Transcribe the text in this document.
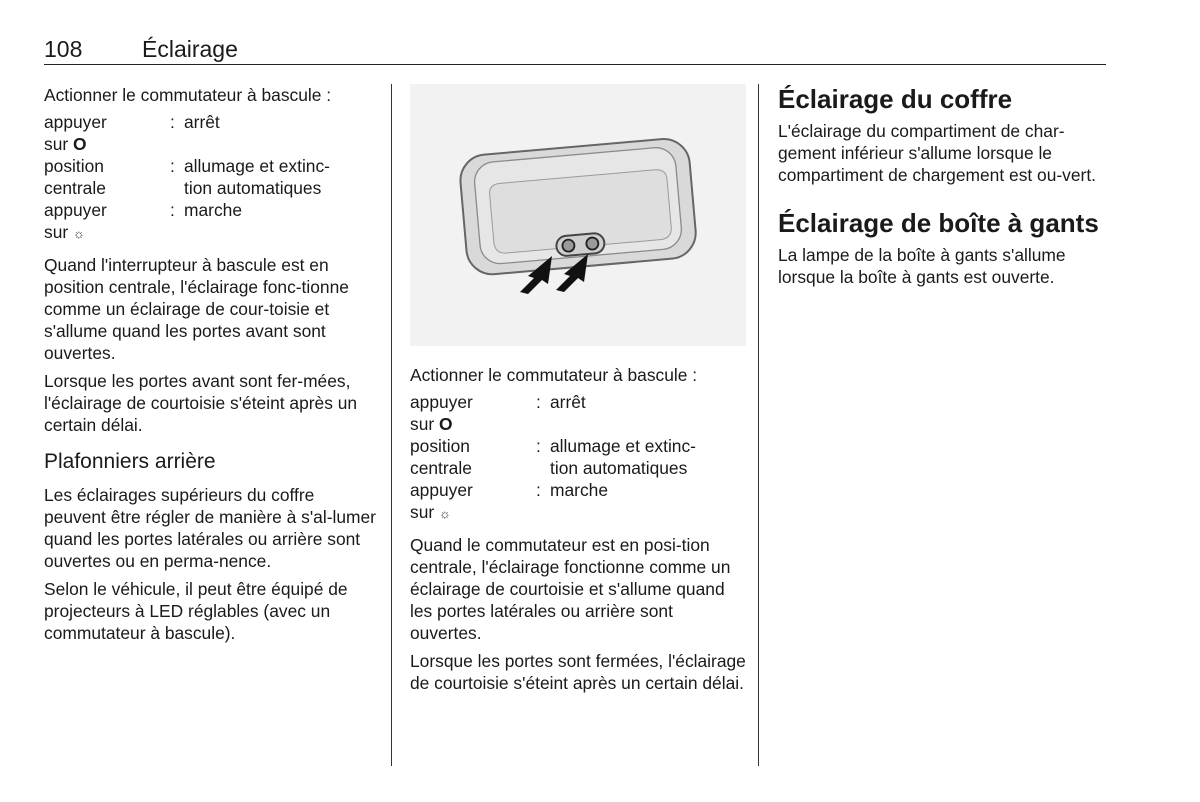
108	Éclairage

Actionner le commutateur à bascule :

appuyer	: arrêt
sur O
position	: allumage et extinc-
centrale	tion automatiques
appuyer	: marche
sur ☼

Quand l'interrupteur à bascule est en position centrale, l'éclairage fonc-tionne comme un éclairage de cour-toisie et s'allume quand les portes avant sont ouvertes.

Lorsque les portes avant sont fer-mées, l'éclairage de courtoisie s'éteint après un certain délai.

Plafonniers arrière

Les éclairages supérieurs du coffre peuvent être régler de manière à s'al-lumer quand les portes latérales ou arrière sont ouvertes ou en perma-nence.

Selon le véhicule, il peut être équipé de projecteurs à LED réglables (avec un commutateur à bascule).

Actionner le commutateur à bascule :

appuyer	: arrêt
sur O
position	: allumage et extinc-
centrale	tion automatiques
appuyer	: marche
sur ☼

Quand le commutateur est en posi-tion centrale, l'éclairage fonctionne comme un éclairage de courtoisie et s'allume quand les portes latérales ou arrière sont ouvertes.

Lorsque les portes sont fermées, l'éclairage de courtoisie s'éteint après un certain délai.

Éclairage du coffre

L'éclairage du compartiment de char-gement inférieur s'allume lorsque le compartiment de chargement est ou-vert.

Éclairage de boîte à gants

La lampe de la boîte à gants s'allume lorsque la boîte à gants est ouverte.
